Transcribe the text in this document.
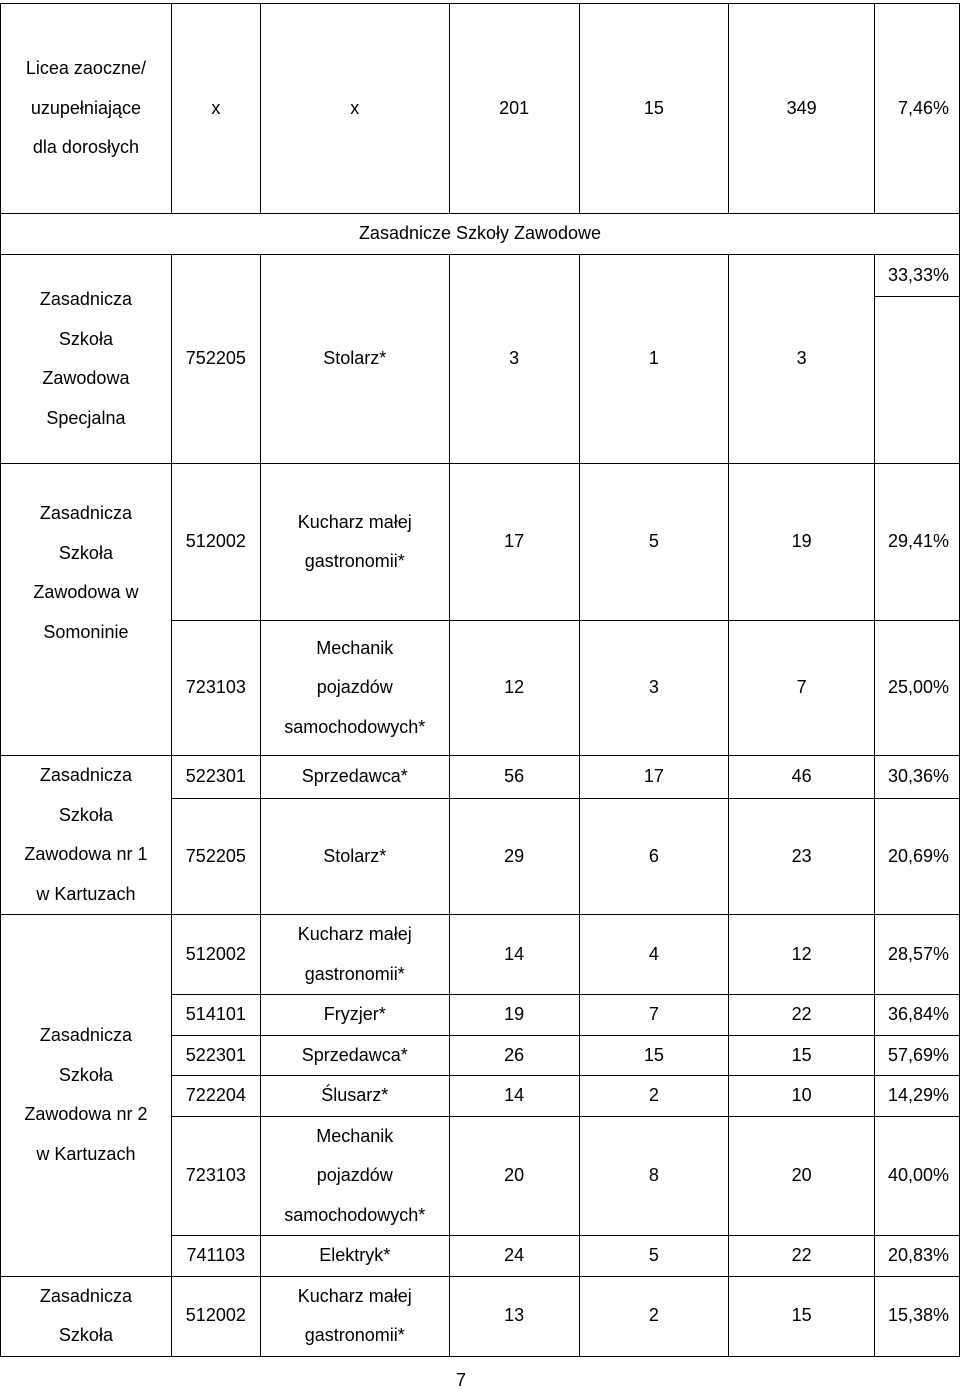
Licea zaoczne/
uzupełniające
dla dorosłych	x	x	201	15	349	7,46%
Zasadnicze Szkoły Zawodowe						

Zasadnicza
Szkoła
Zawodowa
Specjalna	752205	Stolarz*	3	1	3	33,33%

Zasadnicza
Szkoła
Zawodowa w
Somoninie	512002	Kucharz małej
gastronomii*	17	5	19	29,41%
	723103	Mechanik
pojazdów
samochodowych*	12	3	7	25,00%

Zasadnicza
Szkoła
Zawodowa nr 1
w Kartuzach	522301	Sprzedawca*	56	17	46	30,36%
	752205	Stolarz*	29	6	23	20,69%

Zasadnicza
Szkoła
Zawodowa nr 2
w Kartuzach	512002	Kucharz małej
gastronomii*	14	4	12	28,57%
	514101	Fryzjer*	19	7	22	36,84%
	522301	Sprzedawca*	26	15	15	57,69%
	722204	Ślusarz*	14	2	10	14,29%
	723103	Mechanik
pojazdów
samochodowych*	20	8	20	40,00%
	741103	Elektryk*	24	5	22	20,83%

Zasadnicza
Szkoła	512002	Kucharz małej
gastronomii*	13	2	15	15,38%
7
